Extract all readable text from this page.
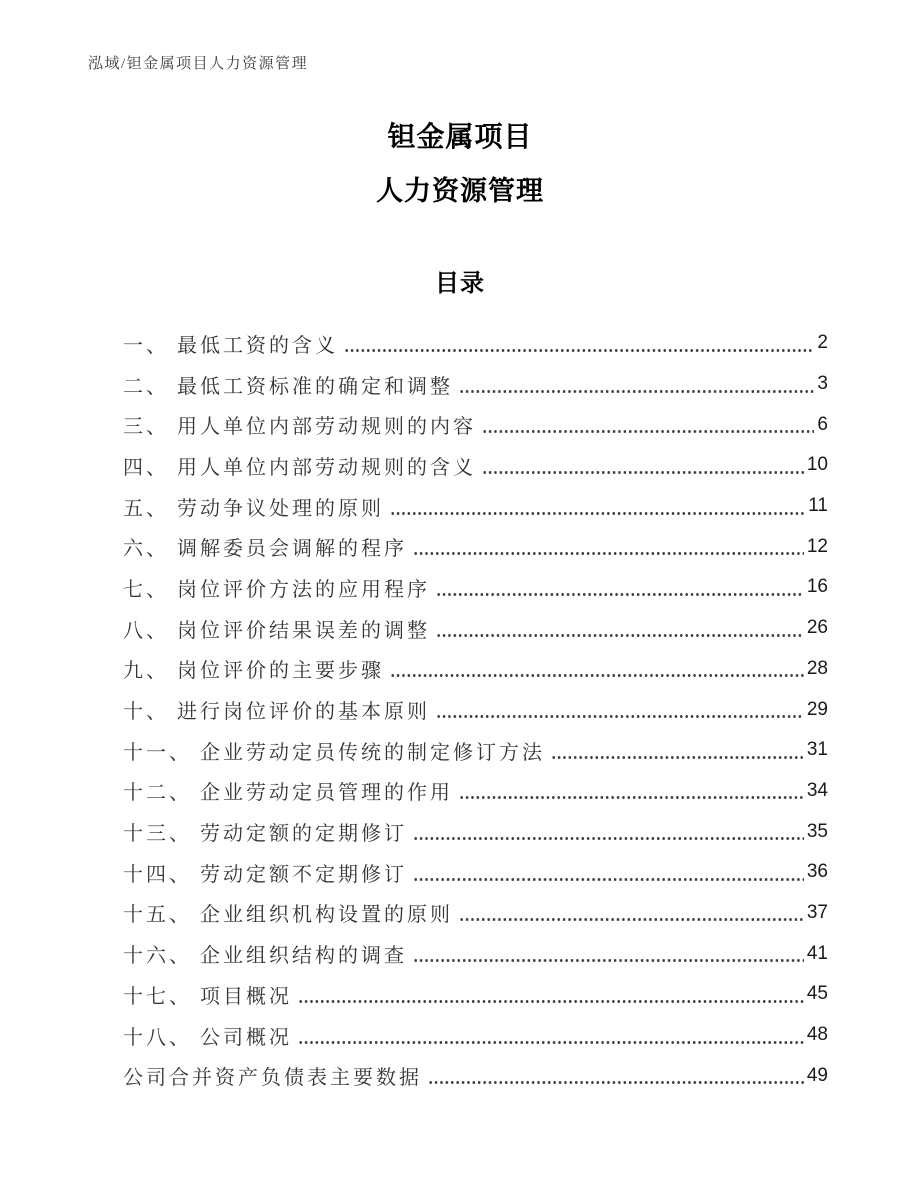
泓域/钽金属项目人力资源管理
钽金属项目
人力资源管理
目录
一、 最低工资的含义	2
二、 最低工资标准的确定和调整	3
三、 用人单位内部劳动规则的内容	6
四、 用人单位内部劳动规则的含义	10
五、 劳动争议处理的原则	11
六、 调解委员会调解的程序	12
七、 岗位评价方法的应用程序	16
八、 岗位评价结果误差的调整	26
九、 岗位评价的主要步骤	28
十、 进行岗位评价的基本原则	29
十一、 企业劳动定员传统的制定修订方法	31
十二、 企业劳动定员管理的作用	34
十三、 劳动定额的定期修订	35
十四、 劳动定额不定期修订	36
十五、 企业组织机构设置的原则	37
十六、 企业组织结构的调查	41
十七、 项目概况	45
十八、 公司概况	48
公司合并资产负债表主要数据	49
